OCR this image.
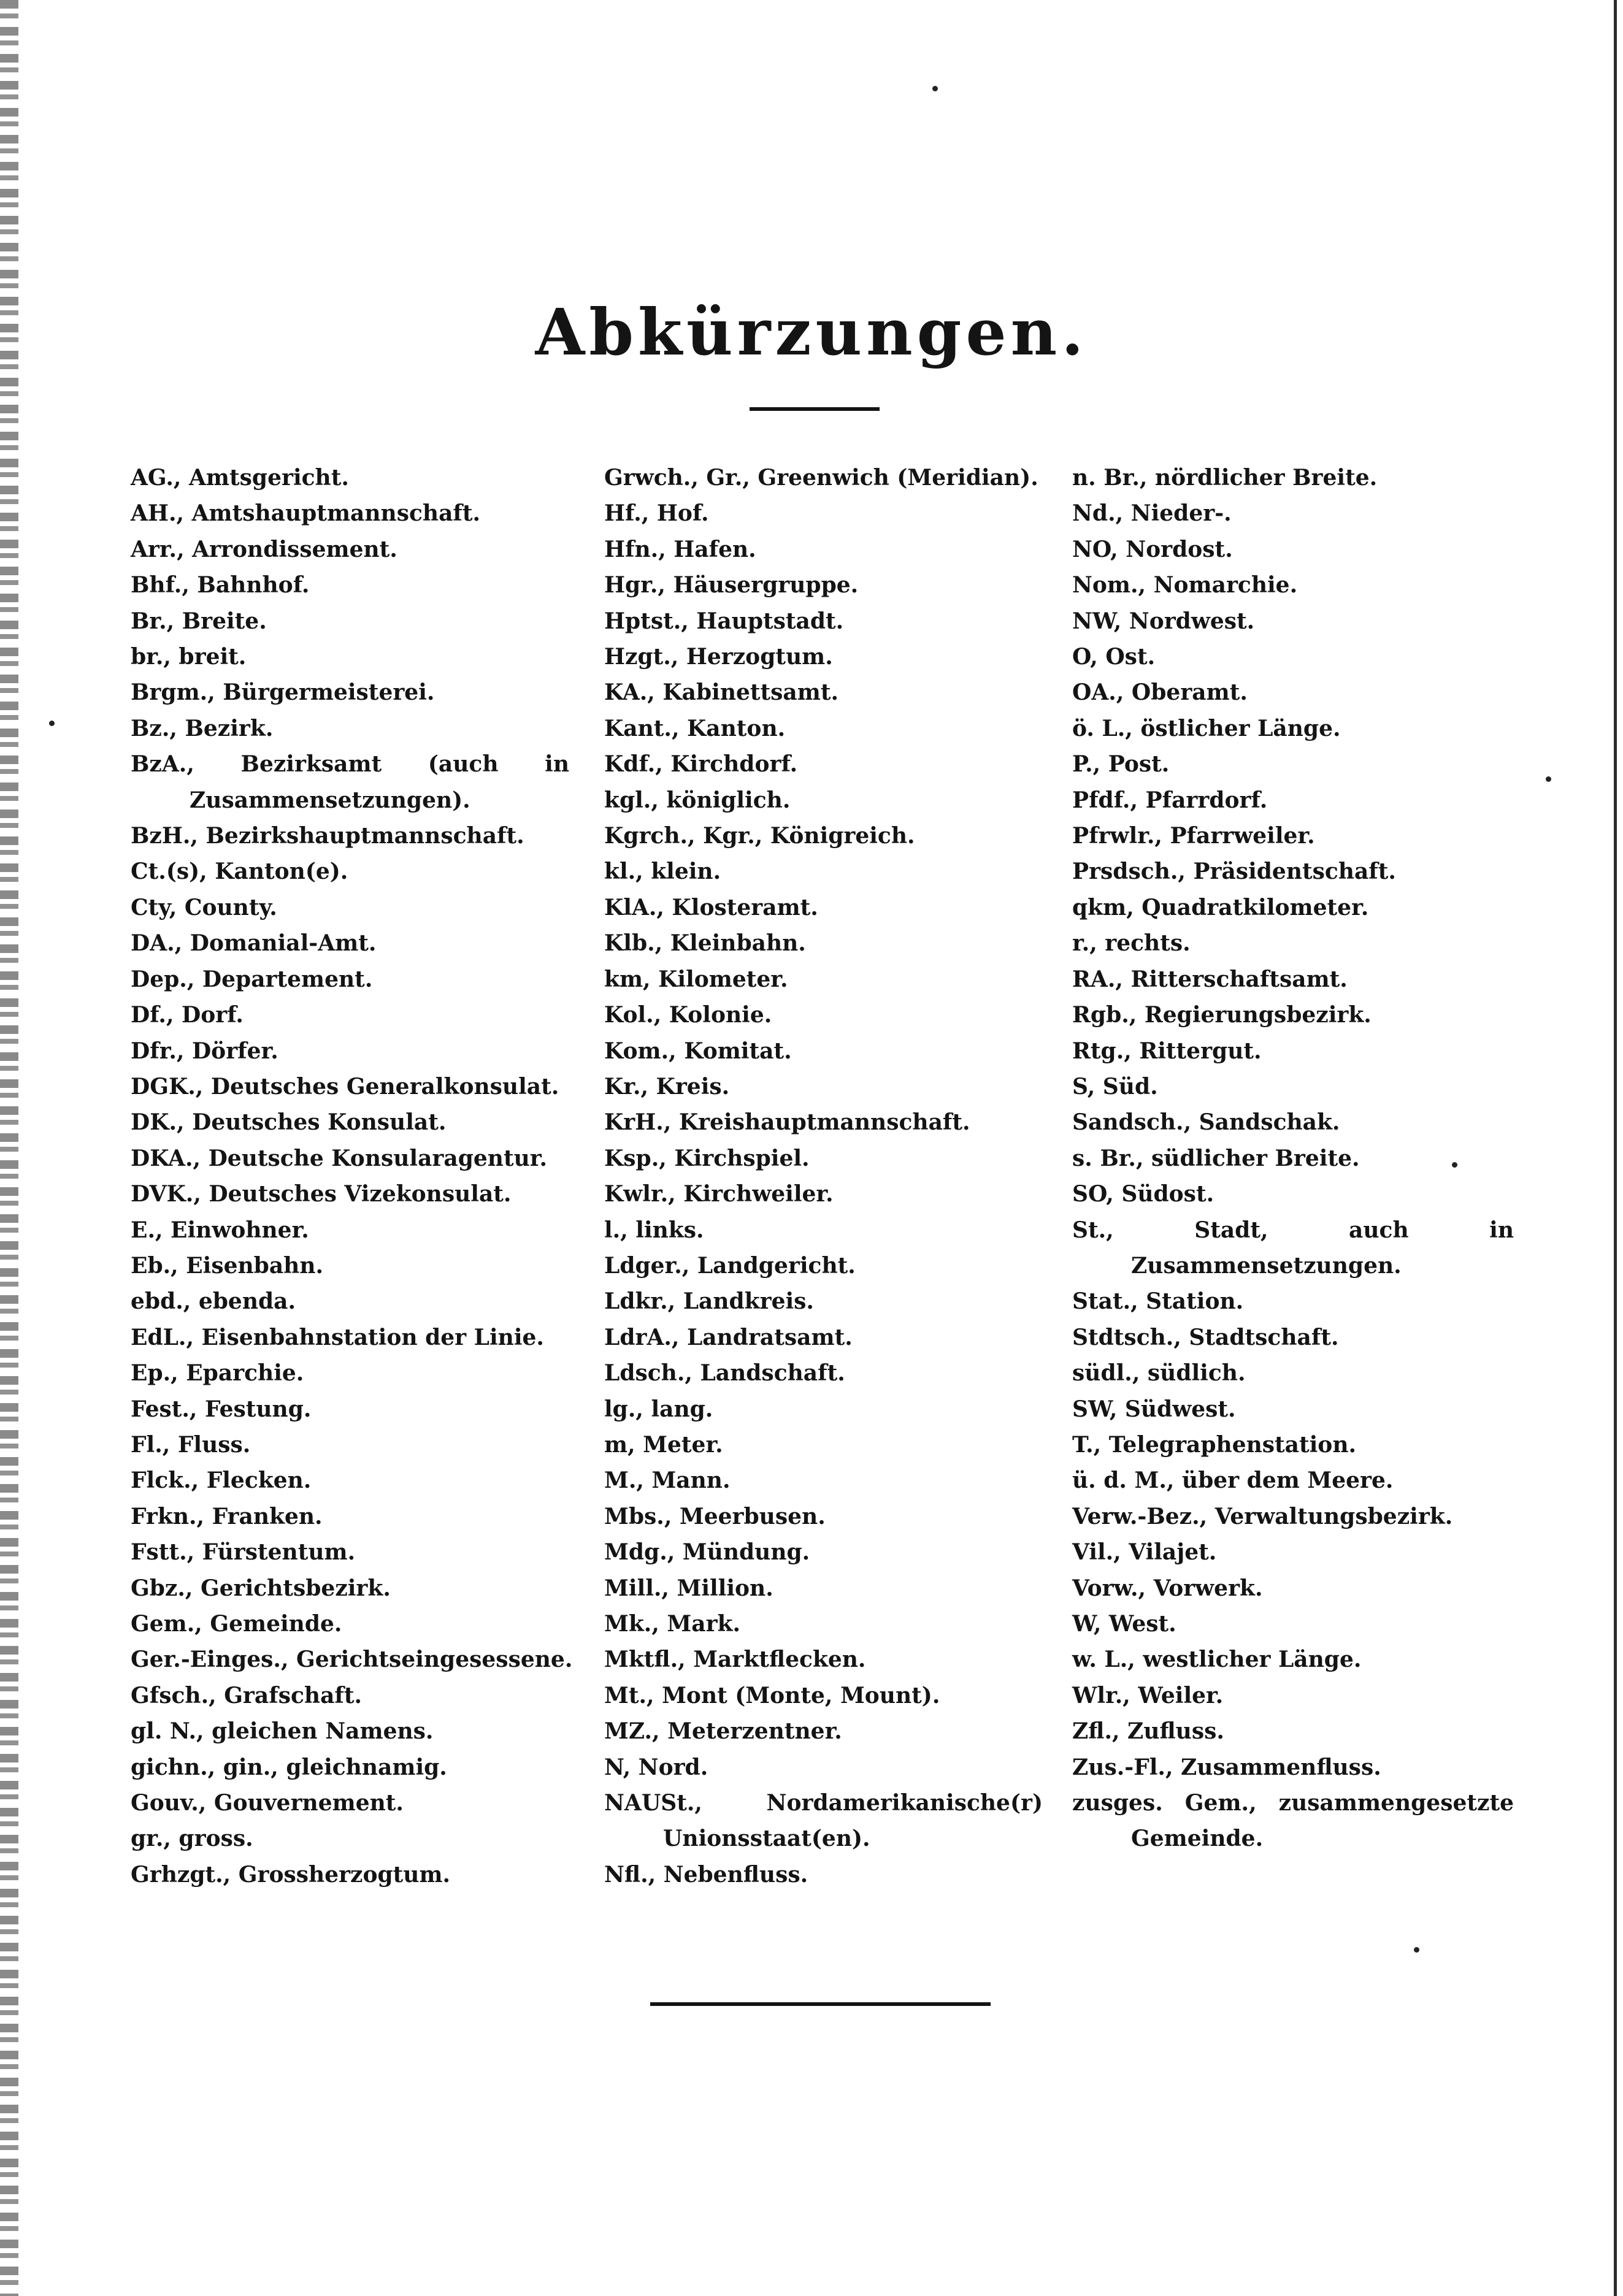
Abkürzungen.
AG., Amtsgericht.
AH., Amtshauptmannschaft.
Arr., Arrondissement.
Bhf., Bahnhof.
Br., Breite.
br., breit.
Brgm., Bürgermeisterei.
Bz., Bezirk.
BzA., Bezirksamt (auch in Zusammensetzungen).
BzH., Bezirkshauptmannschaft.
Ct.(s), Kanton(e).
Cty, County.
DA., Domanial-Amt.
Dep., Departement.
Df., Dorf.
Dfr., Dörfer.
DGK., Deutsches Generalkonsulat.
DK., Deutsches Konsulat.
DKA., Deutsche Konsularagentur.
DVK., Deutsches Vizekonsulat.
E., Einwohner.
Eb., Eisenbahn.
ebd., ebenda.
EdL., Eisenbahnstation der Linie.
Ep., Eparchie.
Fest., Festung.
Fl., Fluss.
Flck., Flecken.
Frkn., Franken.
Fstt., Fürstentum.
Gbz., Gerichtsbezirk.
Gem., Gemeinde.
Ger.-Einges., Gerichtseingesessene.
Gfsch., Grafschaft.
gl. N., gleichen Namens.
gichn., gin., gleichnamig.
Gouv., Gouvernement.
gr., gross.
Grhzgt., Grossherzogtum.
Grwch., Gr., Greenwich (Meridian).
Hf., Hof.
Hfn., Hafen.
Hgr., Häusergruppe.
Hptst., Hauptstadt.
Hzgt., Herzogtum.
KA., Kabinettsamt.
Kant., Kanton.
Kdf., Kirchdorf.
kgl., königlich.
Kgrch., Kgr., Königreich.
kl., klein.
KlA., Klosteramt.
Klb., Kleinbahn.
km, Kilometer.
Kol., Kolonie.
Kom., Komitat.
Kr., Kreis.
KrH., Kreishauptmannschaft.
Ksp., Kirchspiel.
Kwlr., Kirchweiler.
l., links.
Ldger., Landgericht.
Ldkr., Landkreis.
LdrA., Landratsamt.
Ldsch., Landschaft.
lg., lang.
m, Meter.
M., Mann.
Mbs., Meerbusen.
Mdg., Mündung.
Mill., Million.
Mk., Mark.
Mktfl., Marktflecken.
Mt., Mont (Monte, Mount).
MZ., Meterzentner.
N, Nord.
NAUSt., Nordamerikanische(r) Unionsstaat(en).
Nfl., Nebenfluss.
n. Br., nördlicher Breite.
Nd., Nieder-.
NO, Nordost.
Nom., Nomarchie.
NW, Nordwest.
O, Ost.
OA., Oberamt.
ö. L., östlicher Länge.
P., Post.
Pfdf., Pfarrdorf.
Pfrwlr., Pfarrweiler.
Prsdsch., Präsidentschaft.
qkm, Quadratkilometer.
r., rechts.
RA., Ritterschaftsamt.
Rgb., Regierungsbezirk.
Rtg., Rittergut.
S, Süd.
Sandsch., Sandschak.
s. Br., südlicher Breite.
SO, Südost.
St., Stadt, auch in Zusammensetzungen.
Stat., Station.
Stdtsch., Stadtschaft.
südl., südlich.
SW, Südwest.
T., Telegraphenstation.
ü. d. M., über dem Meere.
Verw.-Bez., Verwaltungsbezirk.
Vil., Vilajet.
Vorw., Vorwerk.
W, West.
w. L., westlicher Länge.
Wlr., Weiler.
Zfl., Zufluss.
Zus.-Fl., Zusammenfluss.
zusges. Gem., zusammengesetzte Gemeinde.
